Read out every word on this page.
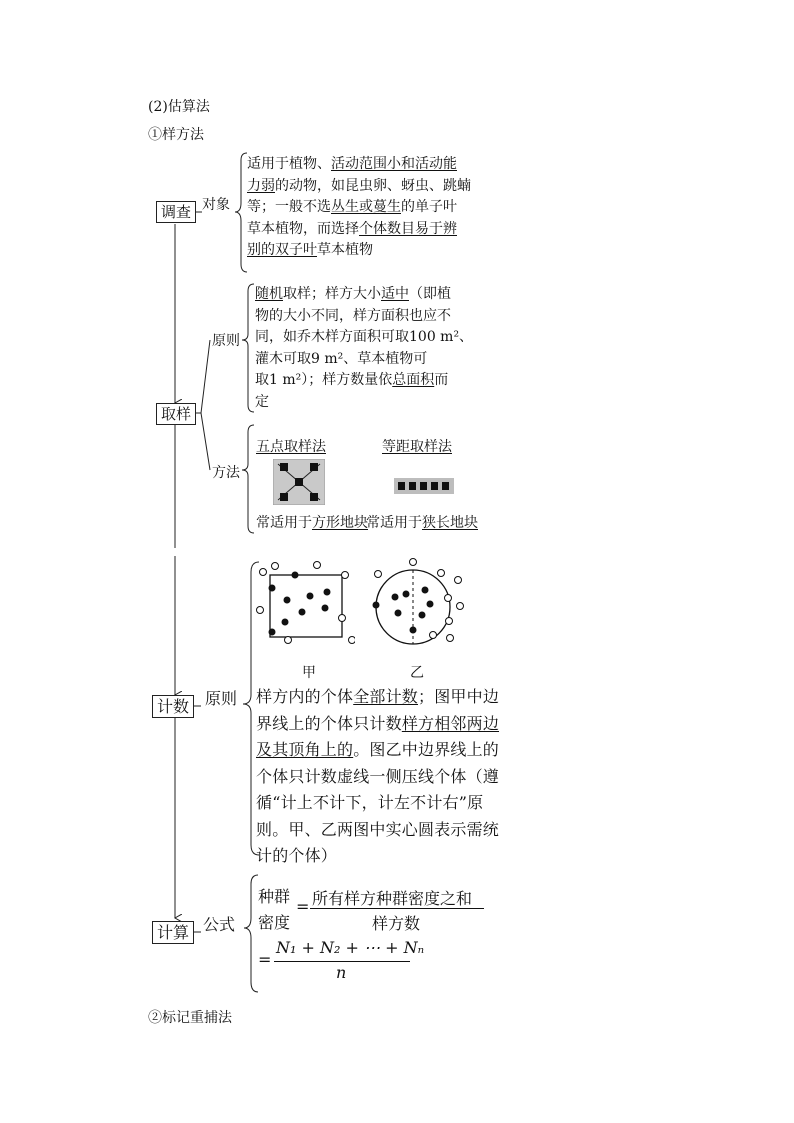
(2)估算法
①样方法
②标记重捕法
调查 对象
适用于植物、活动范围小和活动能
力弱的动物，如昆虫卵、蚜虫、跳蝻
等；一般不选丛生或蔓生的单子叶
草本植物，而选择个体数目易于辨
别的双子叶草本植物
取样
原则
随机取样；样方大小适中（即植
物的大小不同，样方面积也应不
同，如乔木样方面积可取100 m²、
灌木可取9 m²、草本植物可
取1 m²）；样方数量依总面积而
定
方法
五点取样法	等距取样法
常适用于方形地块
常适用于狭长地块
计数 原则
甲	乙
样方内的个体全部计数；图甲中边
界线上的个体只计数样方相邻两边
及其顶角上的。图乙中边界线上的
个体只计数虚线一侧压线个体（遵
循“计上不计下，计左不计右”原
则。甲、乙两图中实心圆表示需统
计的个体）
计算 公式
种群
密度
= 所有样方种群密度之和
样方数
=
N₁ + N₂ + ⋯ + Nₙ
n
